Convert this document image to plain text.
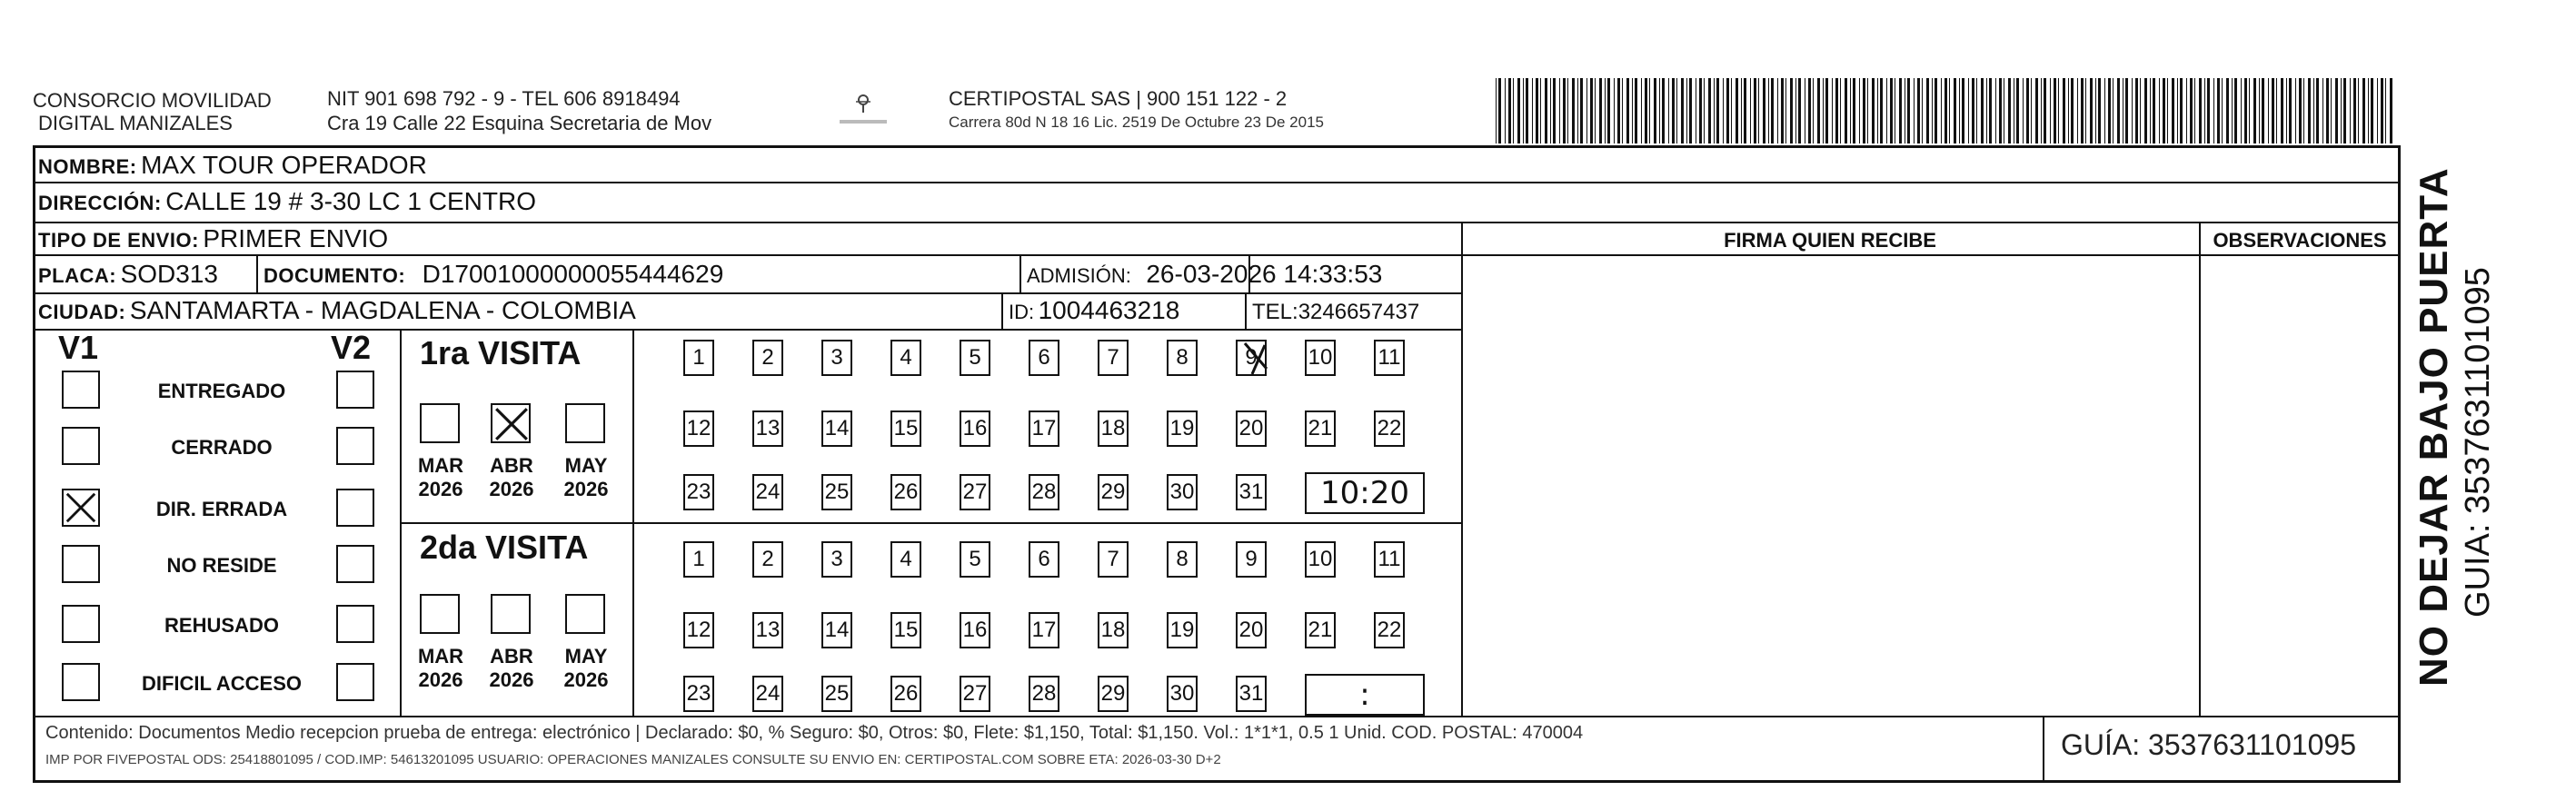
CONSORCIO MOVILIDAD
DIGITAL MANIZALES
NIT 901 698 792 - 9 - TEL 606 8918494
Cra 19 Calle 22 Esquina Secretaria de Mov
CERTIPOSTAL SAS | 900 151 122 - 2
Carrera 80d N 18 16 Lic. 2519 De Octubre 23 De 2015
NOMBRE: MAX TOUR OPERADOR
DIRECCIÓN: CALLE 19 # 3-30 LC 1 CENTRO
TIPO DE ENVIO: PRIMER ENVIO	FIRMA QUIEN RECIBE	OBSERVACIONES
PLACA: SOD313 DOCUMENTO: D17001000000055444629	ADMISIÓN: 26-03-2026 14:33:53
CIUDAD: SANTAMARTA - MAGDALENA - COLOMBIA	ID: 1004463218	TEL:3246657437
V1	V2
ENTREGADO
CERRADO
DIR. ERRADA
NO RESIDE
REHUSADO
DIFICIL ACCESO
1ra VISITA
2da VISITA
1	2	3	4	5	6	7	8	9	10 11
12 13 14 15 16 17 18 19 20 21 22
23 24 25 26 27 28 29 30 31	10:20
1	2	3	4	5	6	7	8	9	10 11
12 13 14 15 16 17 18 19 20 21 22
23 24 25 26 27 28 29 30 31	:
MAR
2026
ABR
2026
MAY
2026
MAR
2026
ABR
2026
MAY
2026
Contenido: Documentos Medio recepcion prueba de entrega: electrónico | Declarado: $0, % Seguro: $0, Otros: $0, Flete: $1,150, Total: $1,150. Vol.: 1*1*1, 0.5 1 Unid. COD. POSTAL: 470004
IMP POR FIVEPOSTAL ODS: 25418801095 / COD.IMP: 54613201095 USUARIO: OPERACIONES MANIZALES CONSULTE SU ENVIO EN: CERTIPOSTAL.COM SOBRE ETA: 2026-03-30 D+2	GUÍA: 3537631101095
NO DEJAR BAJO PUERTA GUIA: 3537631101095
